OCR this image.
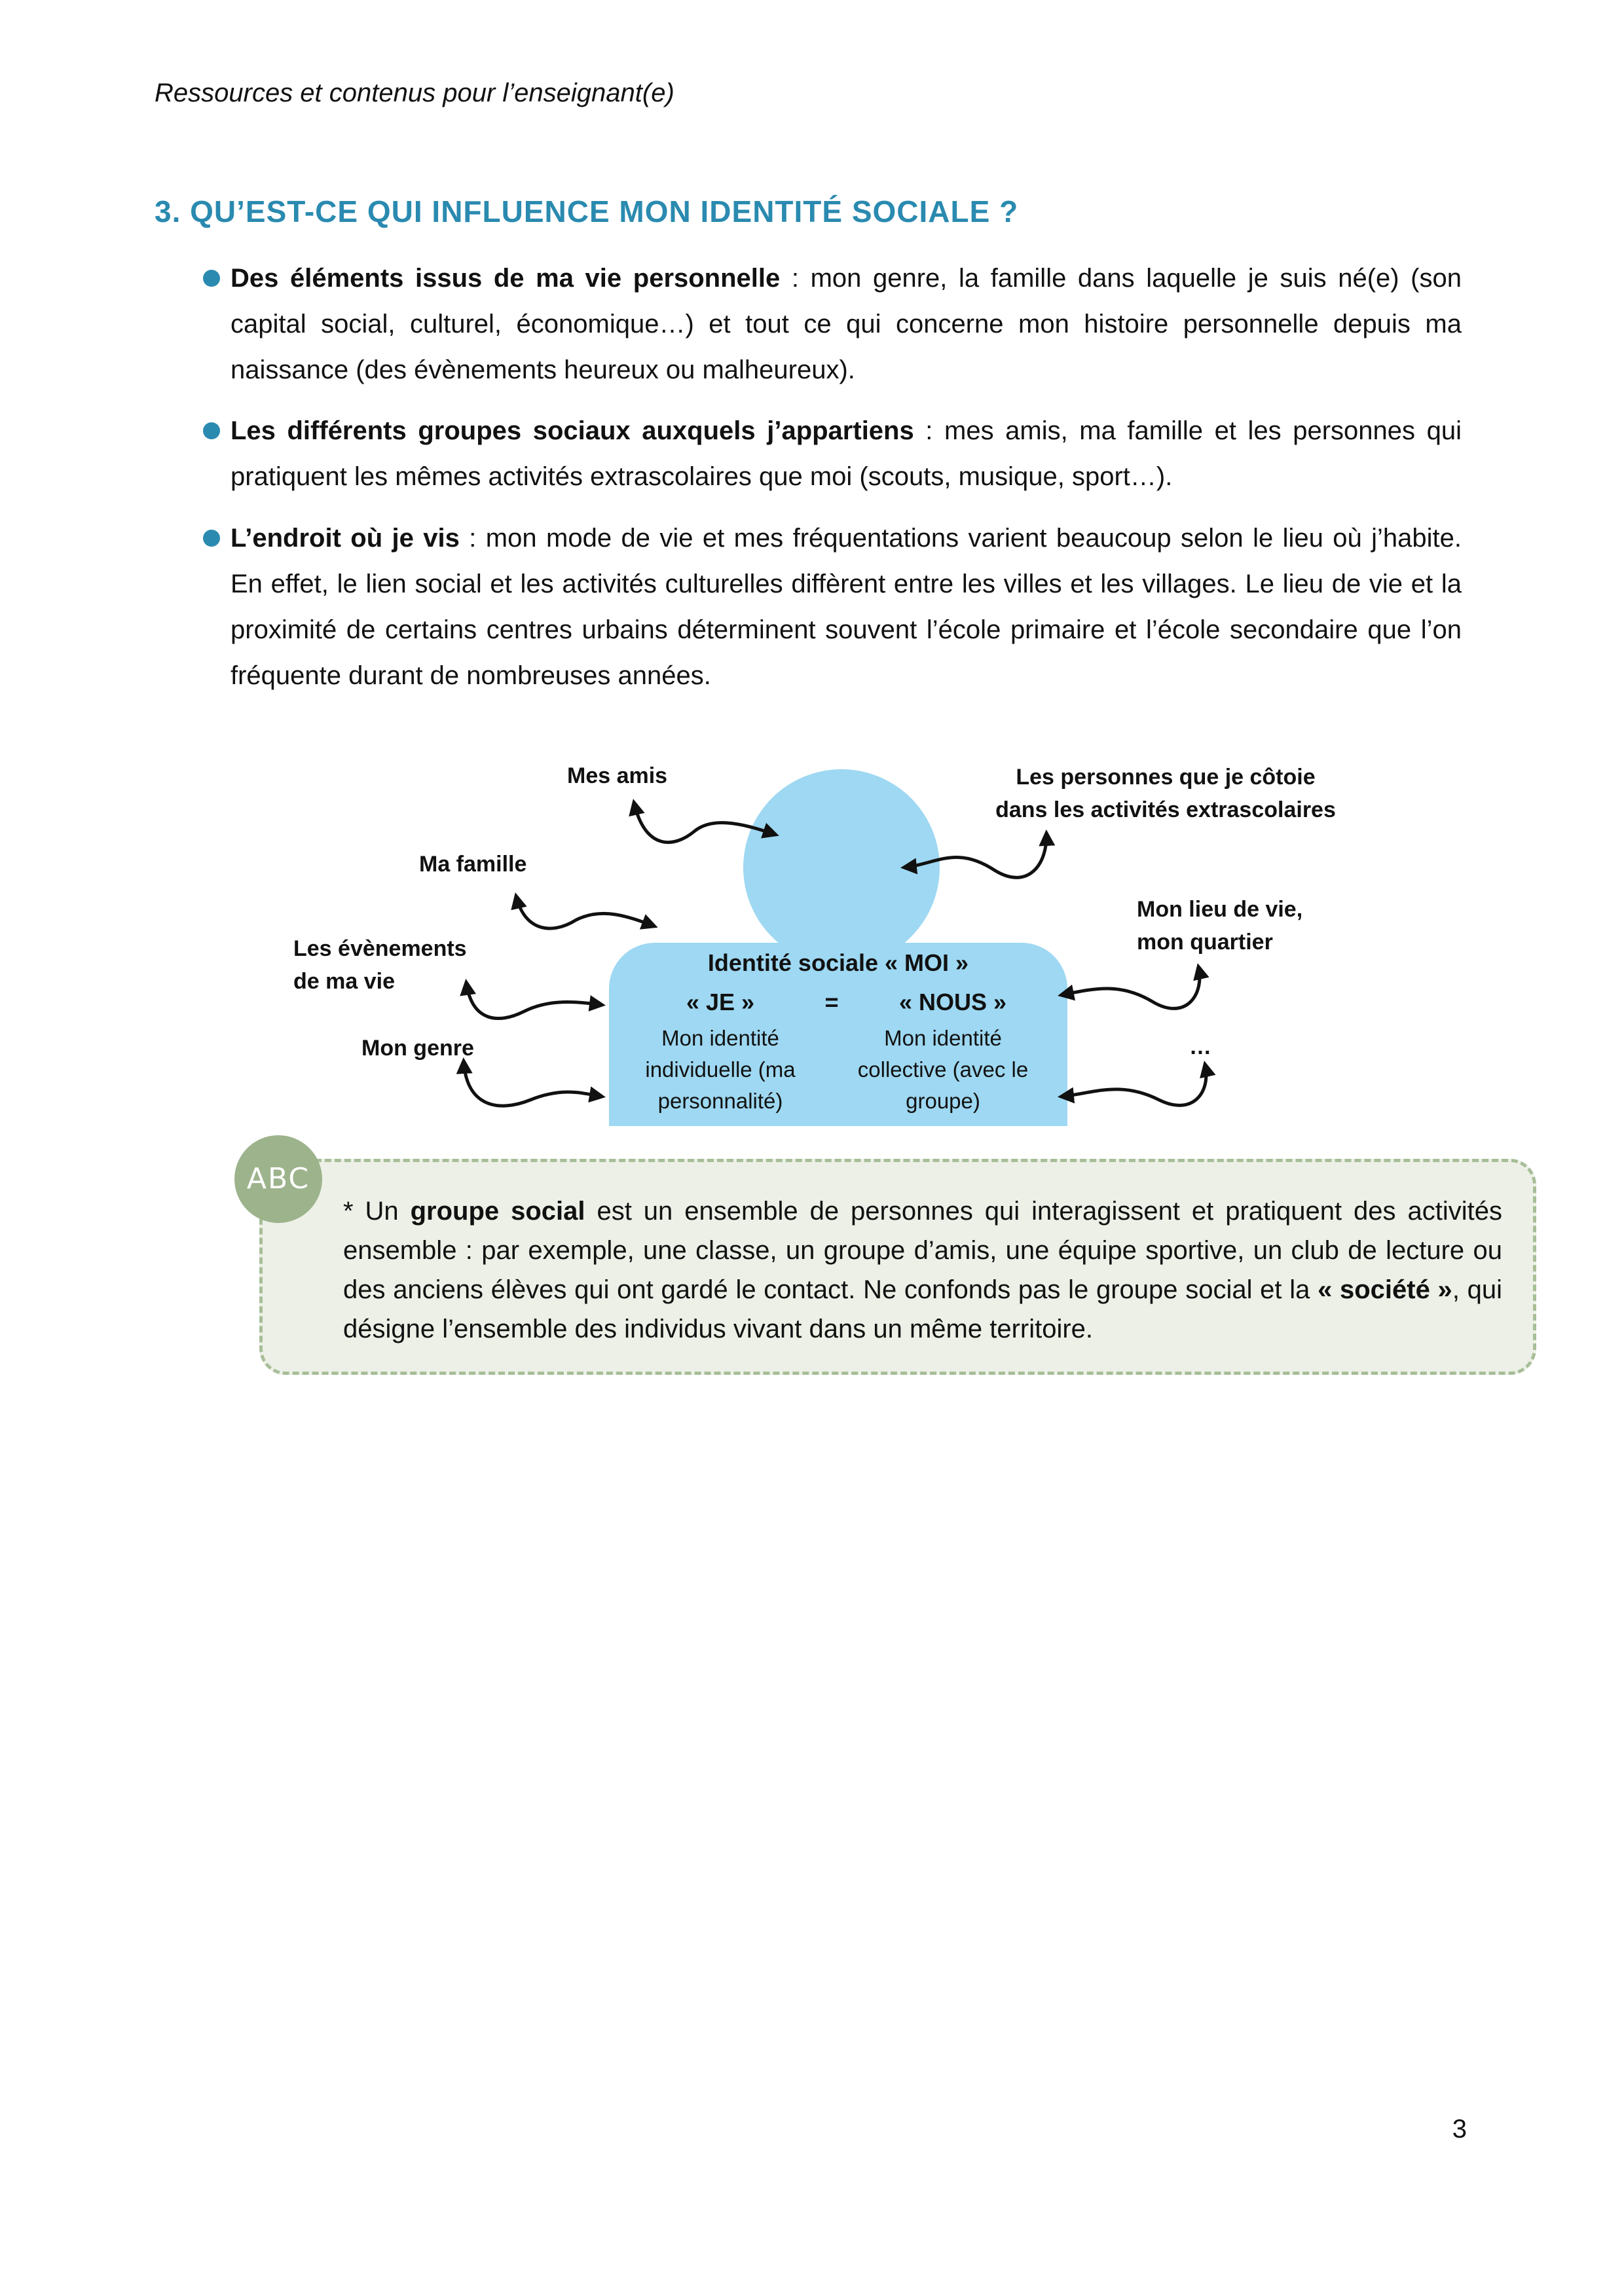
Ressources et contenus pour l’enseignant(e)
3. QU’EST-CE QUI INFLUENCE MON IDENTITÉ SOCIALE ?
Des éléments issus de ma vie personnelle : mon genre, la famille dans laquelle je suis né(e) (son capital social, culturel, économique…) et tout ce qui concerne mon histoire personnelle depuis ma naissance (des évènements heureux ou malheureux).
Les différents groupes sociaux auxquels j’appartiens : mes amis, ma famille et les personnes qui pratiquent les mêmes activités extrascolaires que moi (scouts, musique, sport…).
L’endroit où je vis : mon mode de vie et mes fréquentations varient beaucoup selon le lieu où j’habite. En effet, le lien social et les activités culturelles diffèrent entre les villes et les villages. Le lieu de vie et la proximité de certains centres urbains déterminent souvent l’école primaire et l’école secondaire que l’on fréquente durant de nombreuses années.
Identité sociale « MOI »
« JE »	=	« NOUS »
Mon identité
individuelle (ma
personnalité)
Mon identité
collective (avec le
groupe)
Mes amis	Les personnes que je côtoie
dans les activités extrascolaires
Ma famille
Mon lieu de vie,
mon quartier
Les évènements
de ma vie
Mon genre	…
ABC
* Un groupe social est un ensemble de personnes qui interagissent et pratiquent des activités ensemble : par exemple, une classe, un groupe d’amis, une équipe sportive, un club de lecture ou des anciens élèves qui ont gardé le contact. Ne confonds pas le groupe social et la « société », qui désigne l’ensemble des individus vivant dans un même territoire.
3
